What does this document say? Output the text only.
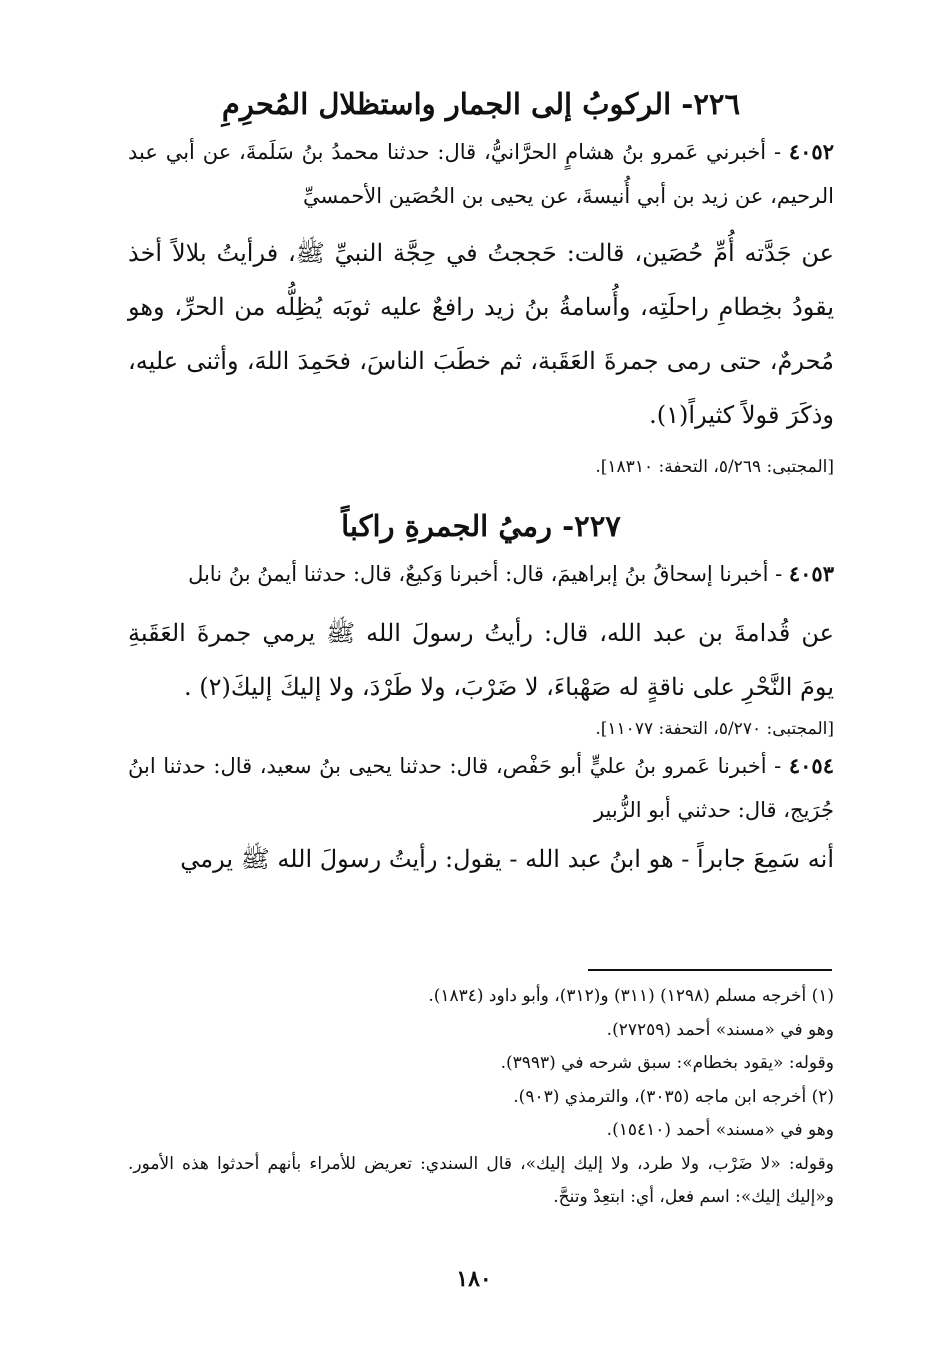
٢٢٦- الركوبُ إلى الجمار واستظلال المُحرِمِ

٤٠٥٢ - أخبرني عَمرو بنُ هشامٍ الحرَّانيُّ، قال: حدثنا محمدُ بنُ سَلَمةَ، عن أبي عبد الرحيم، عن زيد بن أبي أُنيسةَ، عن يحيى بن الحُصَين الأحمسيِّ

عن جَدَّته أُمِّ حُصَين، قالت: حَججتُ في حِجَّة النبيِّ ﷺ، فرأيتُ بلالاً أخذ يقودُ بخِطامِ راحلَتِه، وأُسامةُ بنُ زيد رافعٌ عليه ثوبَه يُظِلُّه من الحرِّ، وهو مُحرمٌ، حتى رمى جمرةَ العَقَبة، ثم خطَبَ الناسَ، فحَمِدَ اللهَ، وأثنى عليه، وذكَرَ قولاً كثيراً(١).

[المجتبى: ٥/٢٦٩، التحفة: ١٨٣١٠].

٢٢٧- رميُ الجمرةِ راكباً

٤٠٥٣ - أخبرنا إسحاقُ بنُ إبراهيمَ، قال: أخبرنا وَكيعٌ، قال: حدثنا أيمنُ بنُ نابل

عن قُدامةَ بن عبد الله، قال: رأيتُ رسولَ الله ﷺ يرمي جمرةَ العَقَبةِ يومَ النَّحْرِ على ناقةٍ له صَهْباءَ، لا ضَرْبَ، ولا طَرْدَ، ولا إليكَ إليكَ(٢) .

[المجتبى: ٥/٢٧٠، التحفة: ١١٠٧٧].

٤٠٥٤ - أخبرنا عَمرو بنُ عليٍّ أبو حَفْص، قال: حدثنا يحيى بنُ سعيد، قال: حدثنا ابنُ جُرَيج، قال: حدثني أبو الزُّبير

أنه سَمِعَ جابراً - هو ابنُ عبد الله - يقول: رأيتُ رسولَ الله ﷺ يرمي

(١) أخرجه مسلم (١٢٩٨) (٣١١) و(٣١٢)، وأبو داود (١٨٣٤).

وهو في «مسند» أحمد (٢٧٢٥٩).

وقوله: «يقود بخطام»: سبق شرحه في (٣٩٩٣).

(٢) أخرجه ابن ماجه (٣٠٣٥)، والترمذي (٩٠٣).

وهو في «مسند» أحمد (١٥٤١٠).

وقوله: «لا ضَرْب، ولا طرد، ولا إليك إليك»، قال السندي: تعريض للأمراء بأنهم أحدثوا هذه الأمور. و«إليك إليك»: اسم فعل، أي: ابتعِدْ وتنحَّ.

١٨٠
